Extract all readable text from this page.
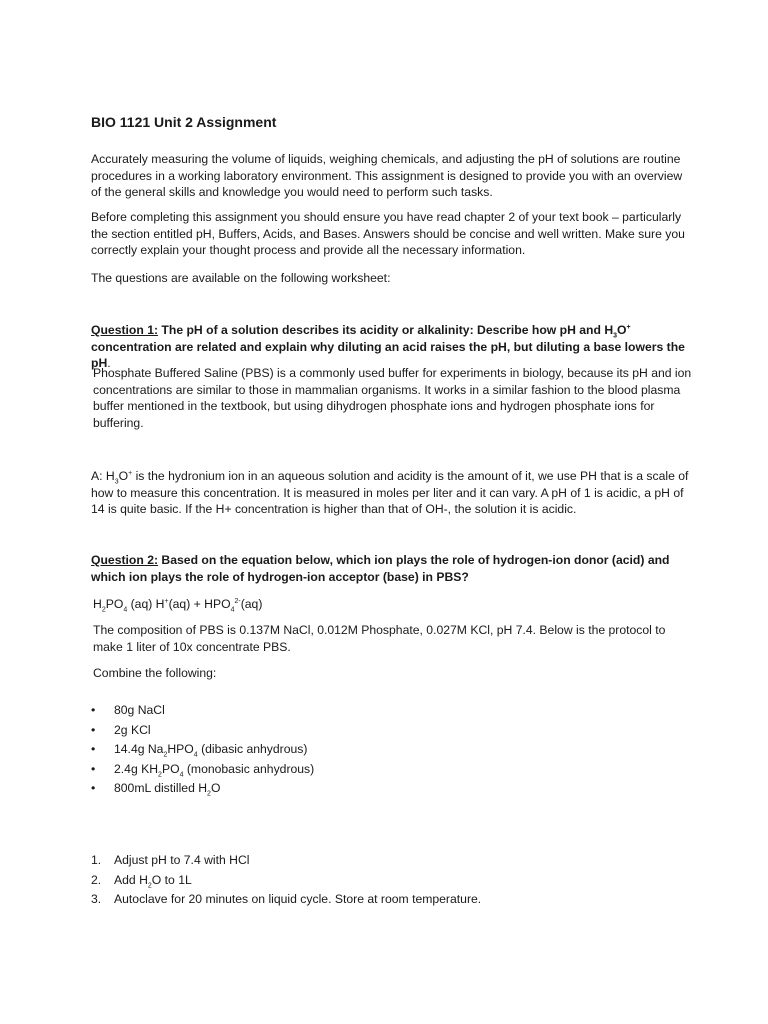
BIO 1121 Unit 2 Assignment

Accurately measuring the volume of liquids, weighing chemicals, and adjusting the pH of solutions are routine procedures in a working laboratory environment. This assignment is designed to provide you with an overview of the general skills and knowledge you would need to perform such tasks.

Before completing this assignment you should ensure you have read chapter 2 of your text book – particularly the section entitled pH, Buffers, Acids, and Bases. Answers should be concise and well written. Make sure you correctly explain your thought process and provide all the necessary information.

The questions are available on the following worksheet:

Question 1: The pH of a solution describes its acidity or alkalinity: Describe how pH and $H_3O^+$ concentration are related and explain why diluting an acid raises the pH, but diluting a base lowers the pH.

Phosphate Buffered Saline (PBS) is a commonly used buffer for experiments in biology, because its pH and ion concentrations are similar to those in mammalian organisms. It works in a similar fashion to the blood plasma buffer mentioned in the textbook, but using dihydrogen phosphate ions and hydrogen phosphate ions for buffering.

A: $H_3O^+$ is the hydronium ion in an aqueous solution and acidity is the amount of it, we use PH that is a scale of how to measure this concentration. It is measured in moles per liter and it can vary. A pH of 1 is acidic, a pH of 14 is quite basic. If the H+ concentration is higher than that of OH-, the solution it is acidic.

Question 2: Based on the equation below, which ion plays the role of hydrogen-ion donor (acid) and which ion plays the role of hydrogen-ion acceptor (base) in PBS?

$H_2PO_4$ (aq) $H^+(aq) + HPO_4^{2-}(aq)$

The composition of PBS is 0.137M NaCl, 0.012M Phosphate, 0.027M KCl, pH 7.4. Below is the protocol to make 1 liter of 10x concentrate PBS.

Combine the following:

• 80g NaCl
• 2g KCl
• 14.4g $Na_2HPO_4$ (dibasic anhydrous)
• 2.4g $KH_2PO_4$ (monobasic anhydrous)
• 800mL distilled $H_2O$
1. Adjust pH to 7.4 with HCl
2. Add $H_2O$ to 1L
3. Autoclave for 20 minutes on liquid cycle. Store at room temperature.
